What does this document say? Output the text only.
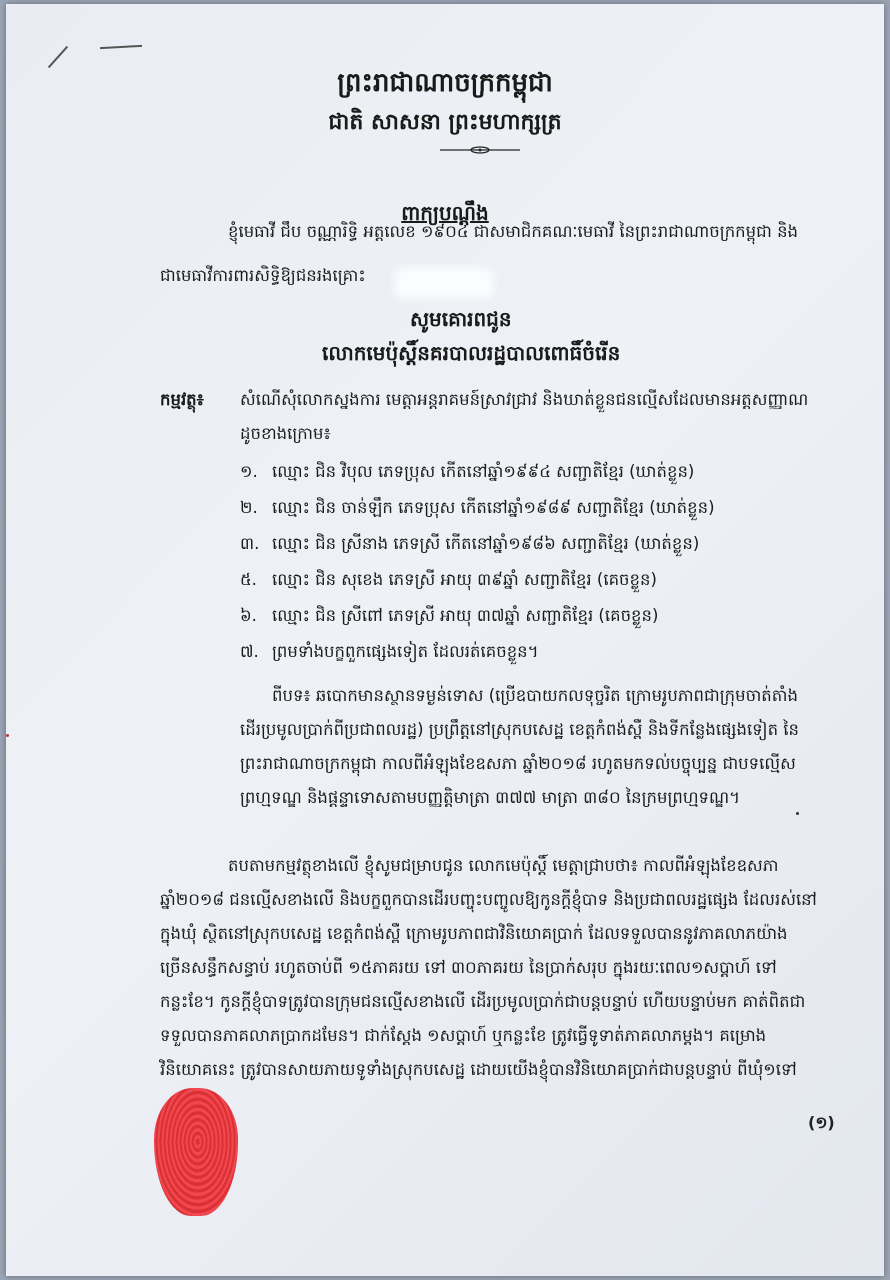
ព្រះរាជាណាចក្រកម្ពុជា
ជាតិ សាសនា ព្រះមហាក្សត្រ
ពាក្យបណ្តឹង
ខ្ញុំមេធាវី ជឹប ចណ្ណារិទ្ធិ អត្តលេខ ១៩០៤ ជាសមាជិកគណៈមេធាវី នៃព្រះរាជាណាចក្រកម្ពុជា និង
ជាមេធាវីការពារសិទ្ធិឱ្យជនរងគ្រោះ
សូមគោរពជូន
លោកមេប៉ុស្តិ៍នគរបាលរដ្ឋបាលពោធិ៍ចំរើន
កម្មវត្ថុ៖ សំណើសុំលោកស្នងការ មេត្តាអន្តរាគមន៍ស្រាវជ្រាវ និងឃាត់ខ្លួនជនល្មើសដែលមានអត្តសញ្ញាណ
ដូចខាងក្រោម៖
១. ឈ្មោះ ជិន វិបុល ភេទប្រុស កើតនៅឆ្នាំ១៩៩៤ សញ្ជាតិខ្មែរ (ឃាត់ខ្លួន)
២. ឈ្មោះ ជិន ចាន់ឡឹក ភេទប្រុស កើតនៅឆ្នាំ១៩៨៩ សញ្ជាតិខ្មែរ (ឃាត់ខ្លួន)
៣. ឈ្មោះ ជិន ស្រីនាង ភេទស្រី កើតនៅឆ្នាំ១៩៨៦ សញ្ជាតិខ្មែរ (ឃាត់ខ្លួន)
៥. ឈ្មោះ ជិន សុខេង ភេទស្រី អាយុ ៣៩ឆ្នាំ សញ្ជាតិខ្មែរ (គេចខ្លួន)
៦. ឈ្មោះ ជិន ស្រីពៅ ភេទស្រី អាយុ ៣៧ឆ្នាំ សញ្ជាតិខ្មែរ (គេចខ្លួន)
៧. ព្រមទាំងបក្ខពួកផ្សេងទៀត ដែលរត់គេចខ្លួន។
ពីបទ៖ ឆបោកមានស្ថានទម្ងន់ទោស (ប្រើឧបាយកលទុច្ចរិត ក្រោមរូបភាពជាក្រុមចាត់តាំង
ដើរប្រមូលប្រាក់ពីប្រជាពលរដ្ឋ) ប្រព្រឹត្តនៅស្រុកបសេដ្ឋ ខេត្តកំពង់ស្ពឺ និងទីកន្លែងផ្សេងទៀត នៃ
ព្រះរាជាណាចក្រកម្ពុជា កាលពីអំឡុងខែឧសភា ឆ្នាំ២០១៨ រហូតមកទល់បច្ចុប្បន្ន ជាបទល្មើស
ព្រហ្មទណ្ឌ និងផ្តន្ទាទោសតាមបញ្ញត្តិមាត្រា ៣៧៧ មាត្រា ៣៨០ នៃក្រមព្រហ្មទណ្ឌ។
តបតាមកម្មវត្ថុខាងលើ ខ្ញុំសូមជម្រាបជូន លោកមេប៉ុស្តិ៍ មេត្តាជ្រាបថា៖ កាលពីអំឡុងខែឧសភា
ឆ្នាំ២០១៨ ជនល្មើសខាងលើ និងបក្ខពួកបានដើរបញ្ចុះបញ្ចូលឱ្យកូនក្តីខ្ញុំបាទ និងប្រជាពលរដ្ឋផ្សេង ដែលរស់នៅ
ក្នុងឃុំ ស្ថិតនៅស្រុកបសេដ្ឋ ខេត្តកំពង់ស្ពឺ ក្រោមរូបភាពជាវិនិយោគប្រាក់ ដែលទទួលបាននូវភាគលាភយ៉ាង
ច្រើនសន្ធឹកសន្ធាប់ រហូតចាប់ពី ១៥ភាគរយ ទៅ ៣០ភាគរយ នៃប្រាក់សរុប ក្នុងរយៈពេល១សប្តាហ៍ ទៅ
កន្លះខែ។ កូនក្តីខ្ញុំបាទត្រូវបានក្រុមជនល្មើសខាងលើ ដើរប្រមូលប្រាក់ជាបន្តបន្ទាប់ ហើយបន្ទាប់មក គាត់ពិតជា
ទទួលបានភាគលាភប្រាកដមែន។ ជាក់ស្តែង ១សប្តាហ៍ ឬកន្លះខែ ត្រូវធ្វើទូទាត់ភាគលាភម្តង។ គម្រោង
វិនិយោគនេះ ត្រូវបានសាយភាយទូទាំងស្រុកបសេដ្ឋ ដោយយើងខ្ញុំបានវិនិយោគប្រាក់ជាបន្តបន្ទាប់ ពីឃុំ១ទៅ
(១)
